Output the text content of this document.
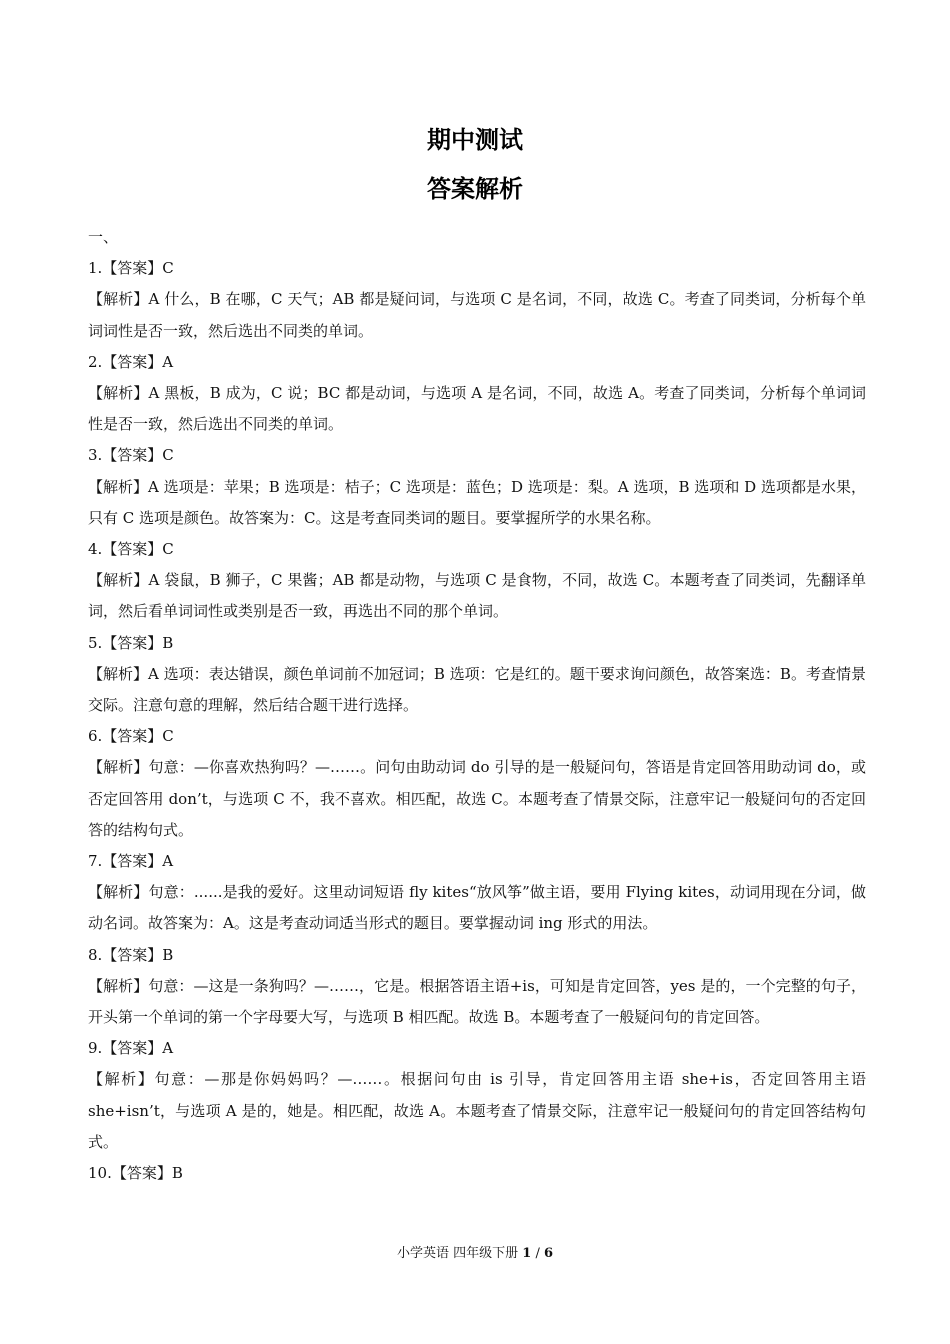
期中测试
答案解析
一、
1.【答案】C
【解析】A 什么，B 在哪，C 天气；AB 都是疑问词，与选项 C 是名词，不同，故选 C。考查了同类词，分析每个单词词性是否一致，然后选出不同类的单词。
2.【答案】A
【解析】A 黑板，B 成为，C 说；BC 都是动词，与选项 A 是名词，不同，故选 A。考查了同类词，分析每个单词词性是否一致，然后选出不同类的单词。
3.【答案】C
【解析】A 选项是：苹果；B 选项是：桔子；C 选项是：蓝色；D 选项是：梨。A 选项，B 选项和 D 选项都是水果，只有 C 选项是颜色。故答案为：C。这是考查同类词的题目。要掌握所学的水果名称。
4.【答案】C
【解析】A 袋鼠，B 狮子，C 果酱；AB 都是动物，与选项 C 是食物，不同，故选 C。本题考查了同类词，先翻译单词，然后看单词词性或类别是否一致，再选出不同的那个单词。
5.【答案】B
【解析】A 选项：表达错误，颜色单词前不加冠词；B 选项：它是红的。题干要求询问颜色，故答案选：B。考查情景交际。注意句意的理解，然后结合题干进行选择。
6.【答案】C
【解析】句意：—你喜欢热狗吗？—……。问句由助动词 do 引导的是一般疑问句，答语是肯定回答用助动词 do，或否定回答用 don’t，与选项 C 不，我不喜欢。相匹配，故选 C。本题考查了情景交际，注意牢记一般疑问句的否定回答的结构句式。
7.【答案】A
【解析】句意：......是我的爱好。这里动词短语 fly kites“放风筝”做主语，要用 Flying kites，动词用现在分词，做动名词。故答案为：A。这是考查动词适当形式的题目。要掌握动词 ing 形式的用法。
8.【答案】B
【解析】句意：—这是一条狗吗？—……，它是。根据答语主语+is，可知是肯定回答，yes 是的，一个完整的句子，开头第一个单词的第一个字母要大写，与选项 B 相匹配。故选 B。本题考查了一般疑问句的肯定回答。
9.【答案】A
【解析】句意：—那是你妈妈吗？—……。根据问句由 is 引导，肯定回答用主语 she+is，否定回答用主语 she+isn’t，与选项 A 是的，她是。相匹配，故选 A。本题考查了情景交际，注意牢记一般疑问句的肯定回答结构句式。
10.【答案】B
小学英语 四年级下册 1 / 6
